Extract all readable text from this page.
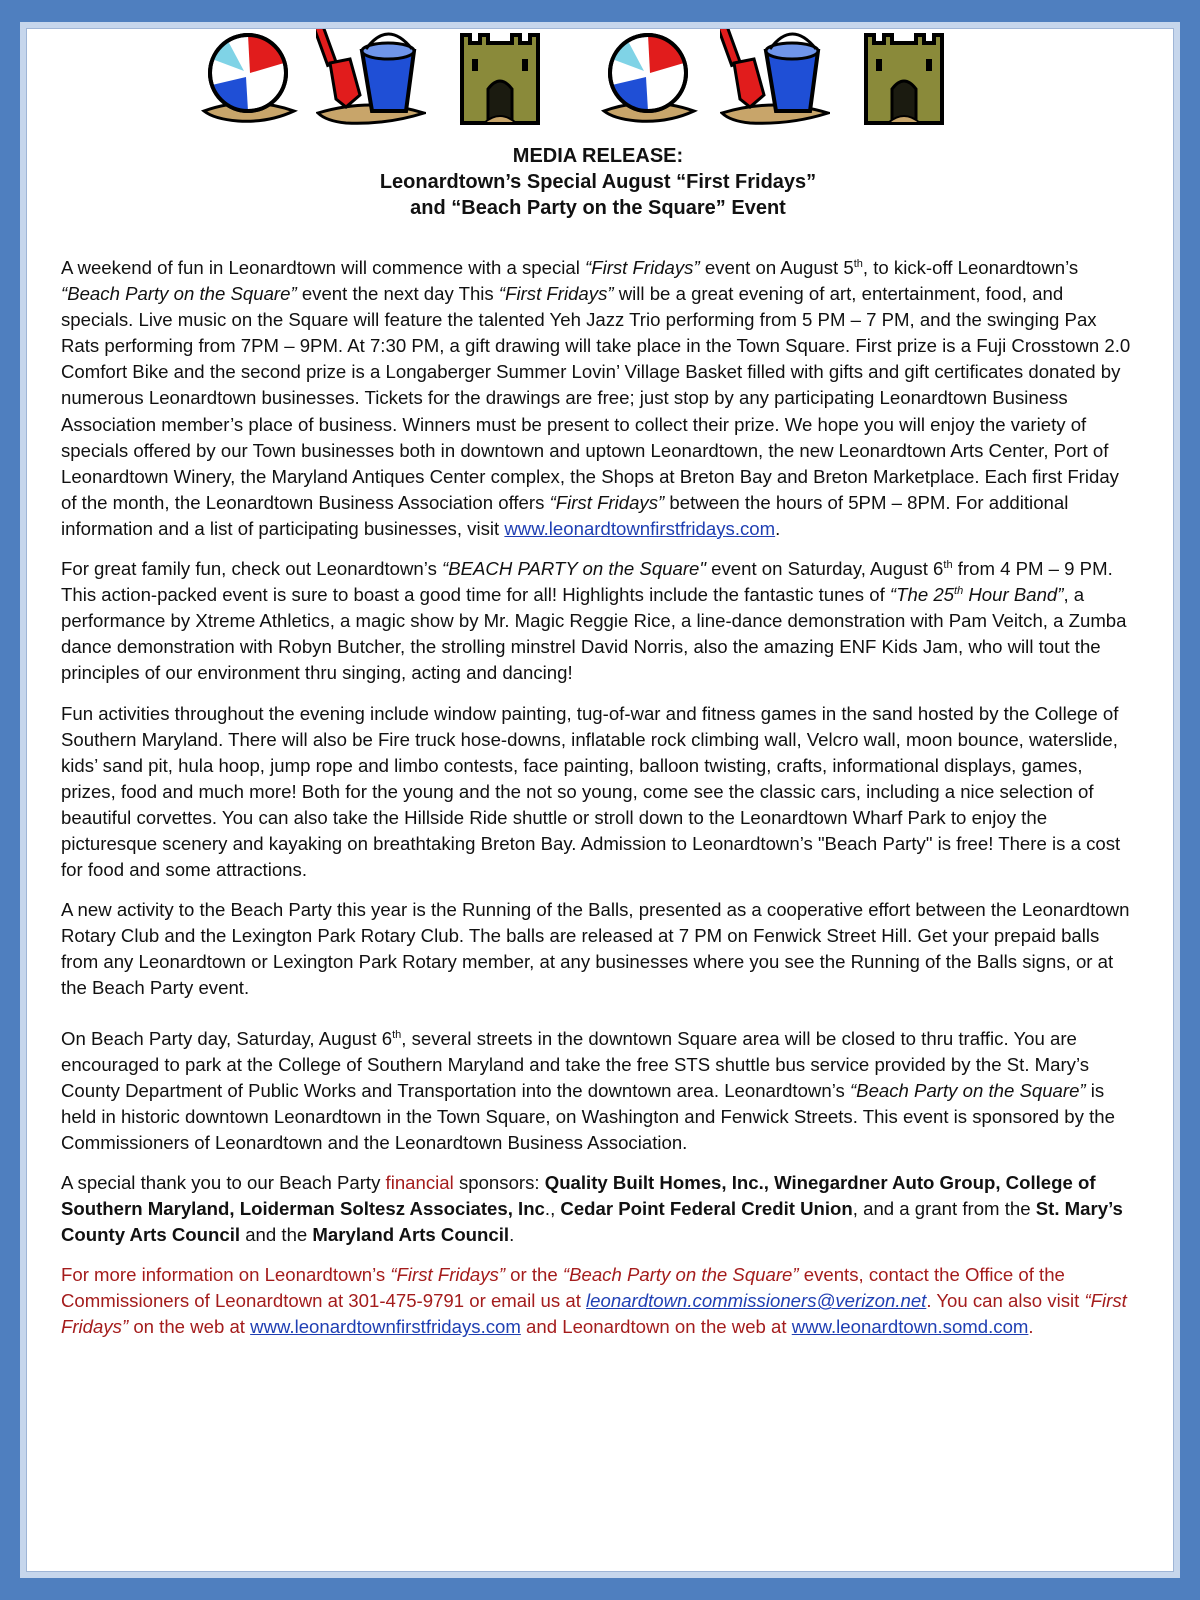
MEDIA RELEASE:
Leonardtown’s Special August “First Fridays”
and “Beach Party on the Square” Event

A weekend of fun in Leonardtown will commence with a special “First Fridays” event on August 5th, to kick-off Leonardtown’s “Beach Party on the Square” event the next day This “First Fridays” will be a great evening of art, entertainment, food, and specials. Live music on the Square will feature the talented Yeh Jazz Trio performing from 5 PM – 7 PM, and the swinging Pax Rats performing from 7PM – 9PM. At 7:30 PM, a gift drawing will take place in the Town Square. First prize is a Fuji Crosstown 2.0 Comfort Bike and the second prize is a Longaberger Summer Lovin’ Village Basket filled with gifts and gift certificates donated by numerous Leonardtown businesses. Tickets for the drawings are free; just stop by any participating Leonardtown Business Association member’s place of business. Winners must be present to collect their prize. We hope you will enjoy the variety of specials offered by our Town businesses both in downtown and uptown Leonardtown, the new Leonardtown Arts Center, Port of Leonardtown Winery, the Maryland Antiques Center complex, the Shops at Breton Bay and Breton Marketplace. Each first Friday of the month, the Leonardtown Business Association offers “First Fridays” between the hours of 5PM – 8PM. For additional information and a list of participating businesses, visit www.leonardtownfirstfridays.com.

For great family fun, check out Leonardtown’s “BEACH PARTY on the Square" event on Saturday, August 6th from 4 PM – 9 PM. This action-packed event is sure to boast a good time for all! Highlights include the fantastic tunes of “The 25th Hour Band”, a performance by Xtreme Athletics, a magic show by Mr. Magic Reggie Rice, a line-dance demonstration with Pam Veitch, a Zumba dance demonstration with Robyn Butcher, the strolling minstrel David Norris, also the amazing ENF Kids Jam, who will tout the principles of our environment thru singing, acting and dancing!

Fun activities throughout the evening include window painting, tug-of-war and fitness games in the sand hosted by the College of Southern Maryland. There will also be Fire truck hose-downs, inflatable rock climbing wall, Velcro wall, moon bounce, waterslide, kids’ sand pit, hula hoop, jump rope and limbo contests, face painting, balloon twisting, crafts, informational displays, games, prizes, food and much more! Both for the young and the not so young, come see the classic cars, including a nice selection of beautiful corvettes. You can also take the Hillside Ride shuttle or stroll down to the Leonardtown Wharf Park to enjoy the picturesque scenery and kayaking on breathtaking Breton Bay. Admission to Leonardtown’s "Beach Party" is free! There is a cost for food and some attractions.

A new activity to the Beach Party this year is the Running of the Balls, presented as a cooperative effort between the Leonardtown Rotary Club and the Lexington Park Rotary Club. The balls are released at 7 PM on Fenwick Street Hill. Get your prepaid balls from any Leonardtown or Lexington Park Rotary member, at any businesses where you see the Running of the Balls signs, or at the Beach Party event.

On Beach Party day, Saturday, August 6th, several streets in the downtown Square area will be closed to thru traffic. You are encouraged to park at the College of Southern Maryland and take the free STS shuttle bus service provided by the St. Mary’s County Department of Public Works and Transportation into the downtown area. Leonardtown’s “Beach Party on the Square” is held in historic downtown Leonardtown in the Town Square, on Washington and Fenwick Streets. This event is sponsored by the Commissioners of Leonardtown and the Leonardtown Business Association.

A special thank you to our Beach Party financial sponsors: Quality Built Homes, Inc., Winegardner Auto Group, College of Southern Maryland, Loiderman Soltesz Associates, Inc., Cedar Point Federal Credit Union, and a grant from the St. Mary’s County Arts Council and the Maryland Arts Council.

For more information on Leonardtown’s “First Fridays” or the “Beach Party on the Square” events, contact the Office of the Commissioners of Leonardtown at 301-475-9791 or email us at leonardtown.commissioners@verizon.net. You can also visit “First Fridays” on the web at www.leonardtownfirstfridays.com and Leonardtown on the web at www.leonardtown.somd.com.
